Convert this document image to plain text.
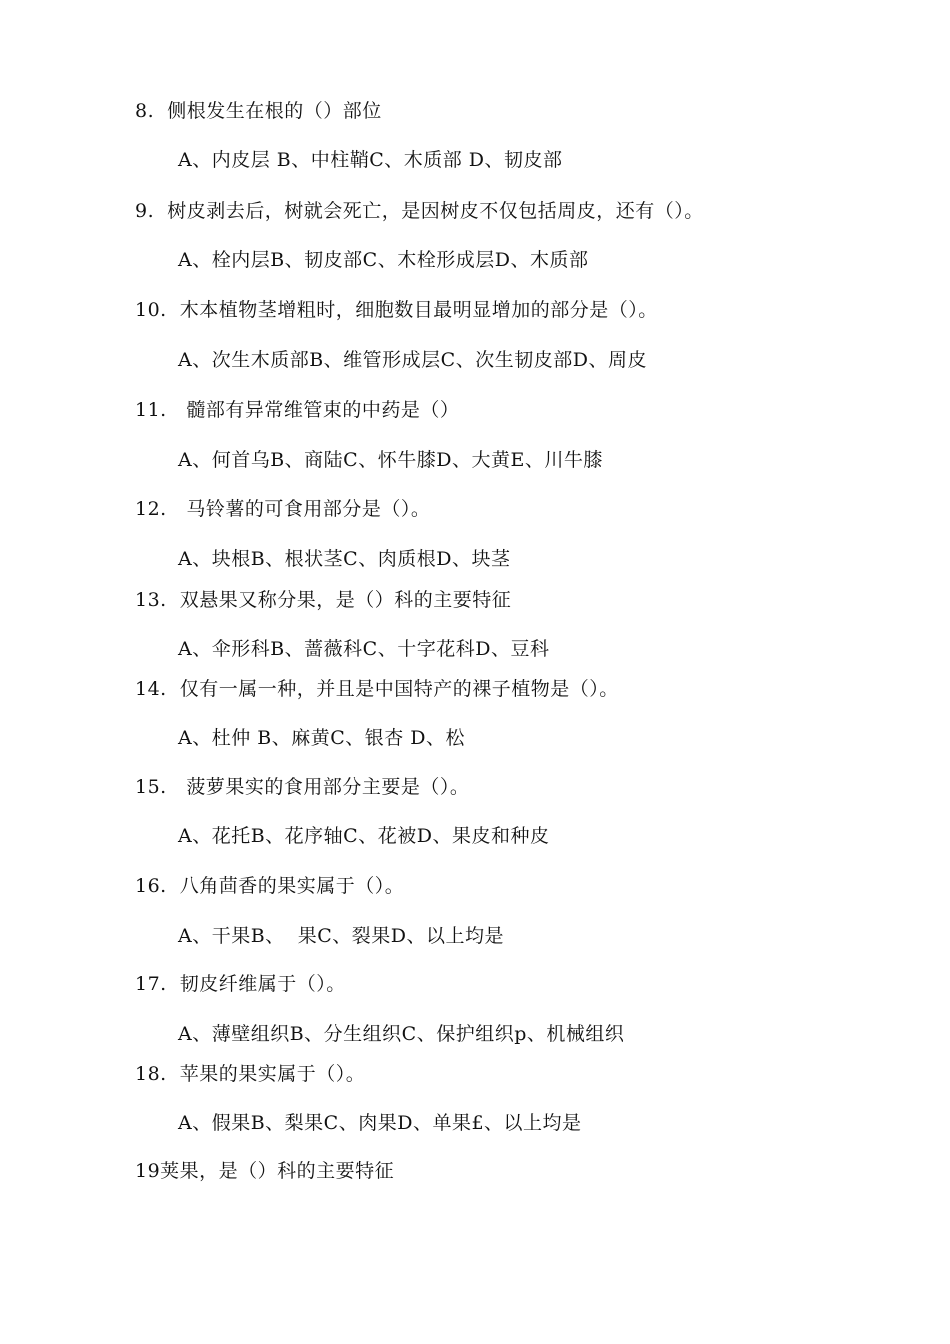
8.  侧根发生在根的（）部位
A、内皮层 B、中柱鞘C、木质部 D、韧皮部
9.  树皮剥去后，树就会死亡，是因树皮不仅包括周皮，还有（）。
A、栓内层B、韧皮部C、木栓形成层D、木质部
10.  木本植物茎增粗时，细胞数目最明显增加的部分是（）。
A、次生木质部B、维管形成层C、次生韧皮部D、周皮
11.   髓部有异常维管束的中药是（）
A、何首乌B、商陆C、怀牛膝D、大黄E、川牛膝
12.   马铃薯的可食用部分是（）。
A、块根B、根状茎C、肉质根D、块茎
13.  双悬果又称分果，是（）科的主要特征
A、伞形科B、蔷薇科C、十字花科D、豆科
14.  仅有一属一种，并且是中国特产的裸子植物是（）。
A、杜仲 B、麻黄C、银杏 D、松
15.   菠萝果实的食用部分主要是（）。
A、花托B、花序轴C、花被D、果皮和种皮
16.  八角茴香的果实属于（）。
A、干果B、  果C、裂果D、以上均是
17.  韧皮纤维属于（）。
A、薄壁组织B、分生组织C、保护组织p、机械组织
18.  苹果的果实属于（）。
A、假果B、梨果C、肉果D、单果£、以上均是
19荚果，是（）科的主要特征
